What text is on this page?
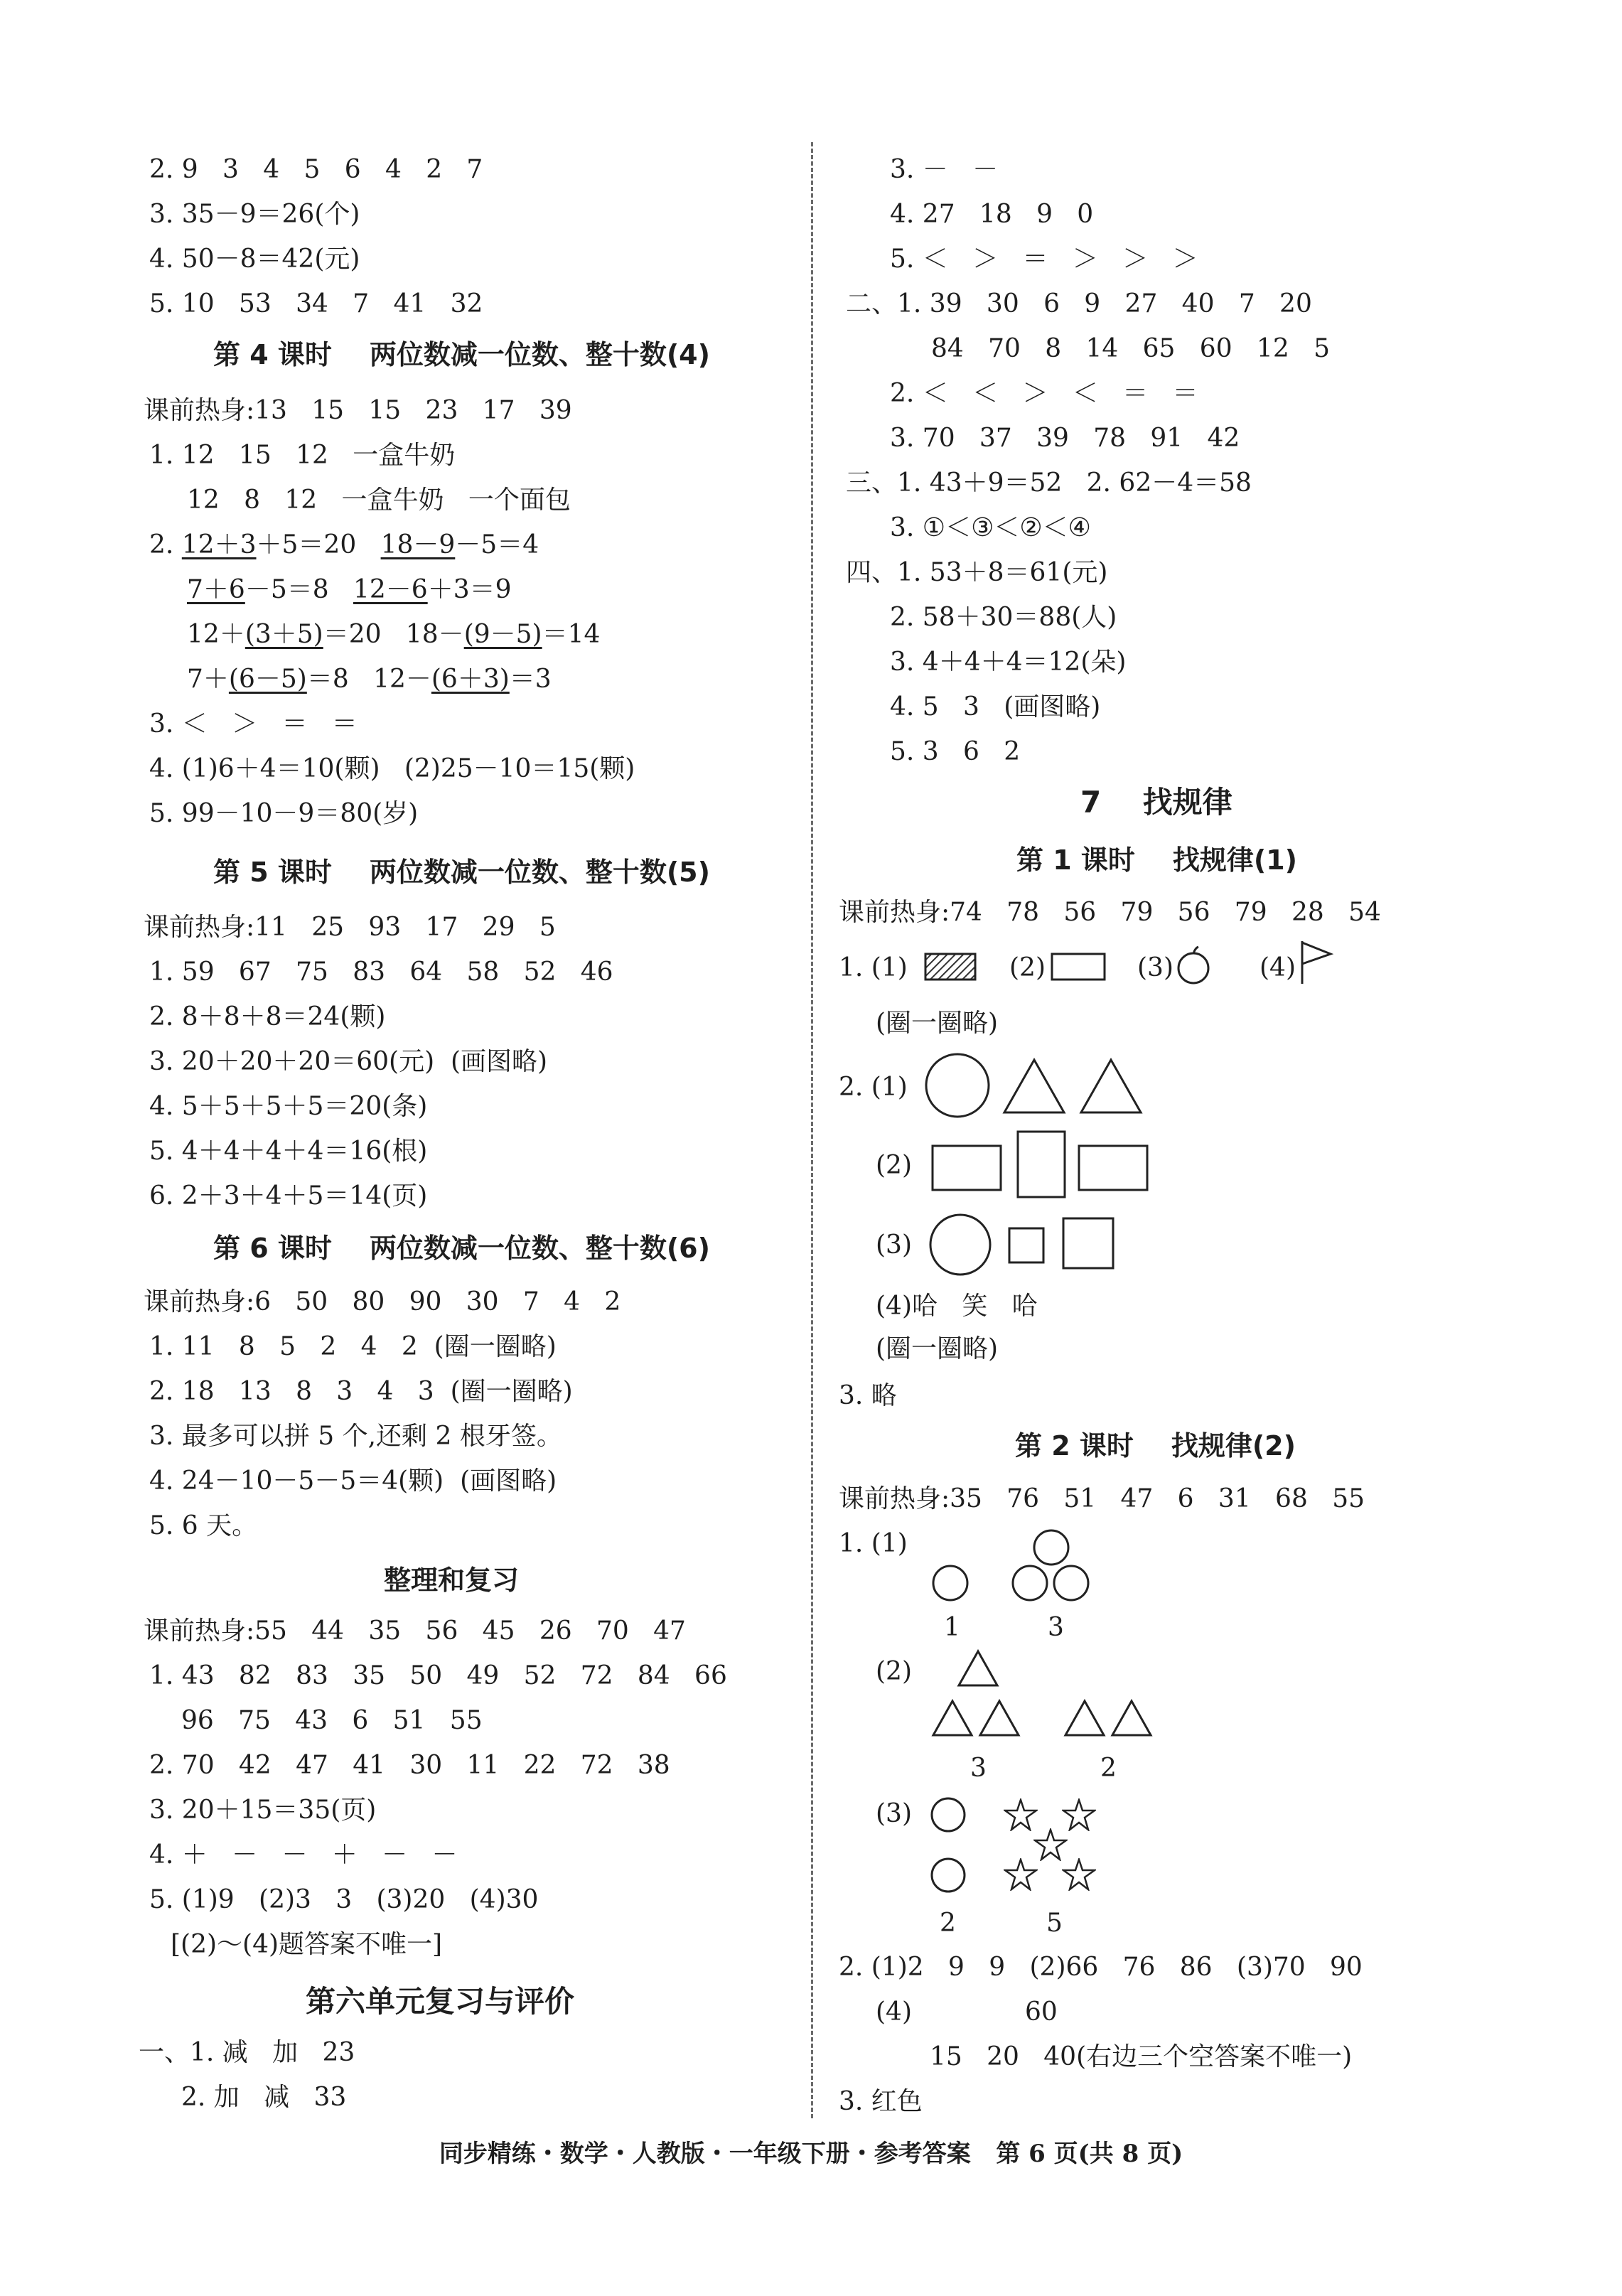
2. 9   3   4   5   6   4   2   7
3. 35－9＝26(个)
4. 50－8＝42(元)
5. 10   53   34   7   41   32
第 4 课时    两位数减一位数、整十数(4)
课前热身:13   15   15   23   17   39
1. 12   15   12   一盒牛奶
12   8   12   一盒牛奶   一个面包
2. 12＋3＋5＝20 18－9－5＝4
7＋6－5＝8 12－6＋3＝9
12＋(3＋5)＝20 18－(9－5)＝14
7＋(6－5)＝8 12－(6＋3)＝3
3. ＜   ＞   ＝   ＝
4. (1)6＋4＝10(颗)   (2)25－10＝15(颗)
5. 99－10－9＝80(岁)
第 5 课时    两位数减一位数、整十数(5)
课前热身:11   25   93   17   29   5
1. 59   67   75   83   64   58   52   46
2. 8＋8＋8＝24(颗)
3. 20＋20＋20＝60(元)  (画图略)
4. 5＋5＋5＋5＝20(条)
5. 4＋4＋4＋4＝16(根)
6. 2＋3＋4＋5＝14(页)
第 6 课时    两位数减一位数、整十数(6)
课前热身:6   50   80   90   30   7   4   2
1. 11   8   5   2   4   2  (圈一圈略)
2. 18   13   8   3   4   3  (圈一圈略)
3. 最多可以拼 5 个,还剩 2 根牙签。
4. 24－10－5－5＝4(颗)  (画图略)
5. 6 天。
整理和复习
课前热身:55   44   35   56   45   26   70   47
1. 43   82   83   35   50   49   52   72   84   66
96   75   43   6   51   55
2. 70   42   47   41   30   11   22   72   38
3. 20＋15＝35(页)
4. ＋   －   －   ＋   －   －
5. (1)9   (2)3   3   (3)20   (4)30
[(2)～(4)题答案不唯一]
第六单元复习与评价
一、1. 减   加   23
2. 加   减   33
3. －   －
4. 27   18   9   0
5. ＜   ＞   ＝   ＞   ＞   ＞
二、1. 39   30   6   9   27   40   7   20
84   70   8   14   65   60   12   5
2. ＜   ＜   ＞   ＜   ＝   ＝
3. 70   37   39   78   91   42
三、1. 43＋9＝52   2. 62－4＝58
3. ①＜③＜②＜④
四、1. 53＋8＝61(元)
2. 58＋30＝88(人)
3. 4＋4＋4＝12(朵)
4. 5   3   (画图略)
5. 3   6   2
7    找规律
第 1 课时    找规律(1)
课前热身:74   78   56   79   56   79   28   54
1. (1)	(2)	(3)	(4)
(圈一圈略)
2. (1)
(2)
(3)
(4)哈   笑   哈
(圈一圈略)
3. 略
第 2 课时    找规律(2)
课前热身:35   76   51   47   6   31   68   55
1. (1)
1	3
(2)
3	2
(3)
2	5
2. (1)2   9   9   (2)66   76   86   (3)70   90
(4)	60
15   20   40(右边三个空答案不唯一)
3. 红色
同步精练・数学・人教版・一年级下册・参考答案   第 6 页(共 8 页)
